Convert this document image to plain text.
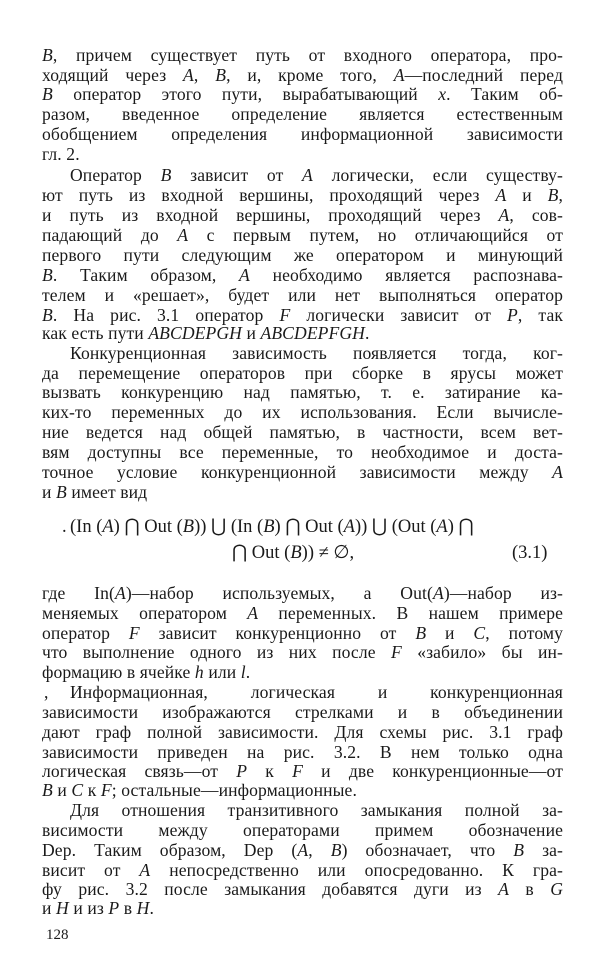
B, причем существует путь от входного оператора, про-
ходящий через A, B, и, кроме того, A—последний перед
B оператор этого пути, вырабатывающий x. Таким об-
разом, введенное определение является естественным
обобщением определения информационной зависимости
гл. 2.
Оператор B зависит от A логически, если существу-
ют путь из входной вершины, проходящий через A и B,
и путь из входной вершины, проходящий через A, сов-
падающий до A с первым путем, но отличающийся от
первого пути следующим же оператором и минующий
B. Таким образом, A необходимо является распознава-
телем и «решает», будет или нет выполняться оператор
B. На рис. 3.1 оператор F логически зависит от P, так
как есть пути ABCDEPGH и ABCDEPFGH.
Конкуренционная зависимость появляется тогда, ког-
да перемещение операторов при сборке в ярусы может
вызвать конкуренцию над памятью, т. е. затирание ка-
ких-то переменных до их использования. Если вычисле-
ние ведется над общей памятью, в частности, всем вет-
вям доступны все переменные, то необходимое и доста-
точное условие конкуренционной зависимости между A
и B имеет вид
где In(A)—набор используемых, а Out(A)—набор из-
меняемых оператором A переменных. В нашем примере
оператор F зависит конкуренционно от B и C, потому
что выполнение одного из них после F «забило» бы ин-
формацию в ячейке h или l.
Информационная, логическая и конкуренционная
зависимости изображаются стрелками и в объединении
дают граф полной зависимости. Для схемы рис. 3.1 граф
зависимости приведен на рис. 3.2. В нем только одна
логическая связь—от P к F и две конкуренционные—от
B и C к F; остальные—информационные.
Для отношения транзитивного замыкания полной за-
висимости между операторами примем обозначение
Dep. Таким образом, Dep (A, B) обозначает, что B за-
висит от A непосредственно или опосредованно. К гра-
фу рис. 3.2 после замыкания добавятся дуги из A в G
и H и из P в H.
,
. (In (A) ⋂ Out (B)) ⋃ (In (B) ⋂ Out (A)) ⋃ (Out (A) ⋂
⋂ Out (B)) ≠ ∅,	(3.1)
128
